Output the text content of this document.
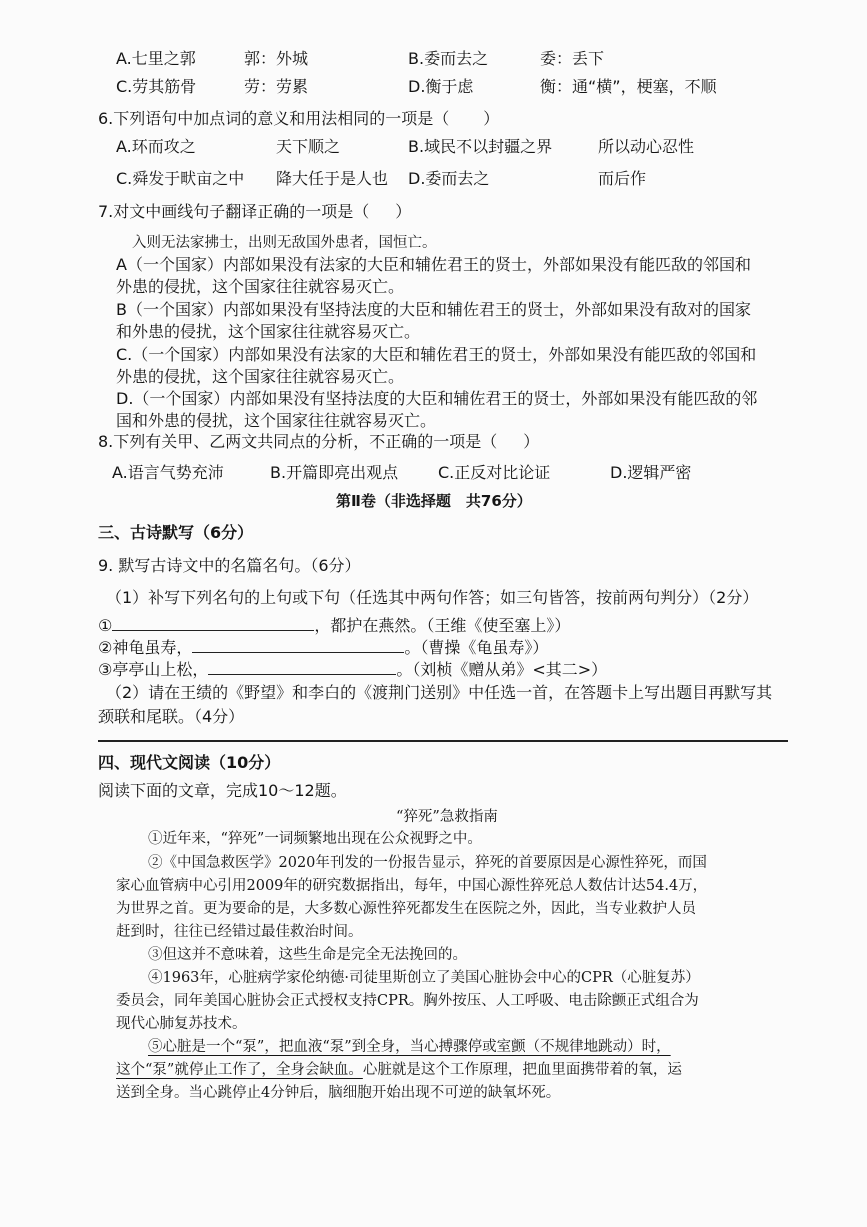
A.七里之郭	郭：外城	B.委而去之	委：丢下
C.劳其筋骨	劳：劳累	D.衡于虑	衡：通“横”，梗塞，不顺
6.下列语句中加点词的意义和用法相同的一项是（ ）
A.环而攻之	天下顺之	B.域民不以封疆之界	所以动心忍性
C.舜发于畎亩之中 降大任于是人也 D.委而去之	而后作
7.对文中画线句子翻译正确的一项是（ ）
入则无法家拂士，出则无敌国外患者，国恒亡。
A（一个国家）内部如果没有法家的大臣和辅佐君王的贤士，外部如果没有能匹敌的邻国和
外患的侵扰，这个国家往往就容易灭亡。
B（一个国家）内部如果没有坚持法度的大臣和辅佐君王的贤士，外部如果没有敌对的国家
和外患的侵扰，这个国家往往就容易灭亡。
C.（一个国家）内部如果没有法家的大臣和辅佐君王的贤士，外部如果没有能匹敌的邻国和
外患的侵扰，这个国家往往就容易灭亡。
D.（一个国家）内部如果没有坚持法度的大臣和辅佐君王的贤士，外部如果没有能匹敌的邻
国和外患的侵扰，这个国家往往就容易灭亡。
8.下列有关甲、乙两文共同点的分析，不正确的一项是（ ）
A.语言气势充沛	B.开篇即亮出观点 C.正反对比论证	D.逻辑严密
第Ⅱ卷（非选择题　共76分）
三、古诗默写（6分）
9. 默写古诗文中的名篇名句。（6分）
（1）补写下列名句的上句或下句（任选其中两句作答；如三句皆答，按前两句判分）（2分）
①	，都护在燕然。（王维《使至塞上》）
②神龟虽寿，	。（曹操《龟虽寿》）
③亭亭山上松，	。（刘桢《赠从弟》<其二>）
（2）请在王绩的《野望》和李白的《渡荆门送别》中任选一首，在答题卡上写出题目再默写其
颈联和尾联。（4分）
四、现代文阅读（10分）
阅读下面的文章，完成10～12题。
“猝死”急救指南
①近年来，“猝死”一词频繁地出现在公众视野之中。
②《中国急救医学》2020年刊发的一份报告显示，猝死的首要原因是心源性猝死，而国
家心血管病中心引用2009年的研究数据指出，每年，中国心源性猝死总人数估计达54.4万，
为世界之首。更为要命的是，大多数心源性猝死都发生在医院之外，因此，当专业救护人员
赶到时，往往已经错过最佳救治时间。
③但这并不意味着，这些生命是完全无法挽回的。
④1963年，心脏病学家伦纳德·司徒里斯创立了美国心脏协会中心的CPR（心脏复苏）
委员会，同年美国心脏协会正式授权支持CPR。胸外按压、人工呼吸、电击除颤正式组合为
现代心肺复苏技术。
⑤心脏是一个“泵”，把血液“泵”到全身，当心搏骤停或室颤（不规律地跳动）时，
这个“泵”就停止工作了，全身会缺血。心脏就是这个工作原理，把血里面携带着的氧，运
送到全身。当心跳停止4分钟后，脑细胞开始出现不可逆的缺氧坏死。
